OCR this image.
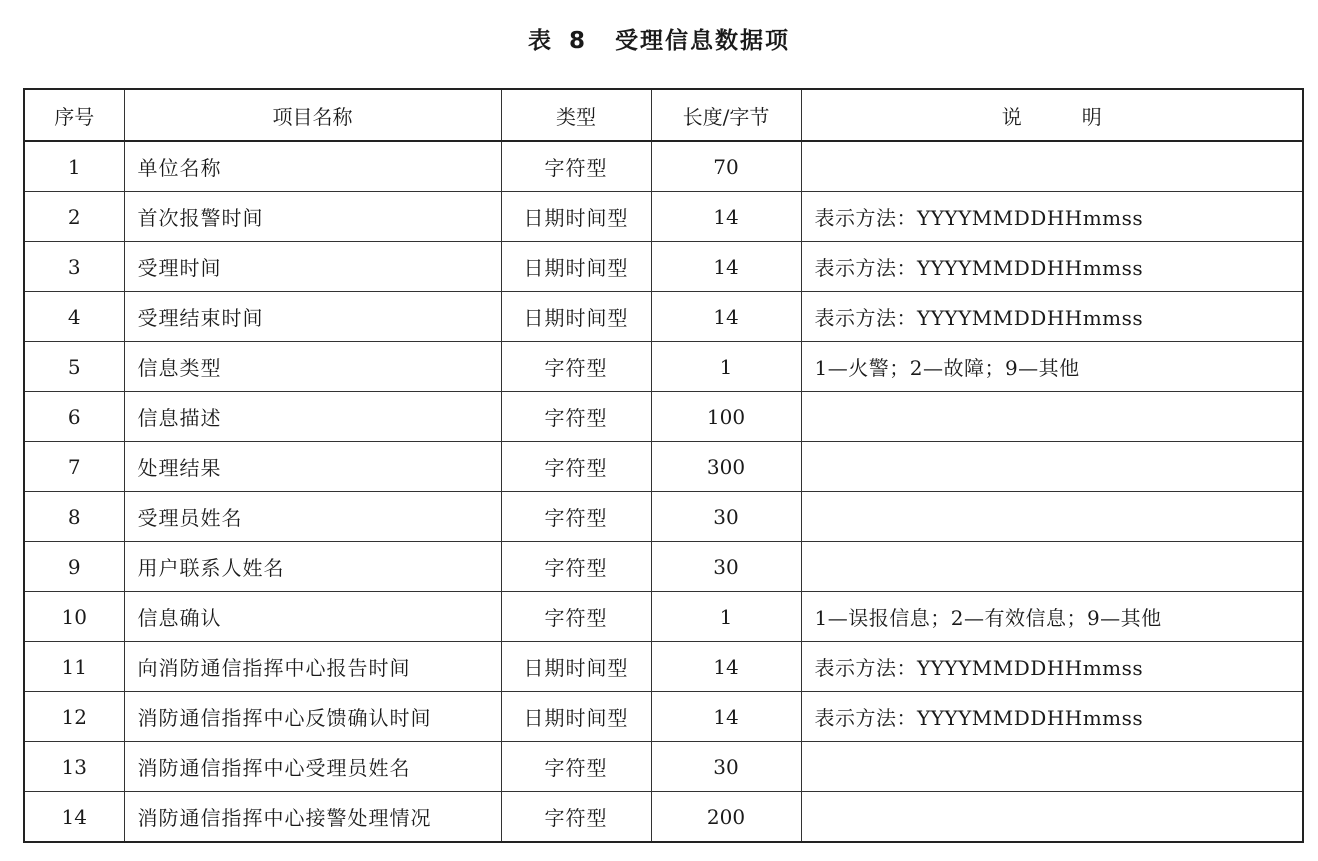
表 8 受理信息数据项
序号	项目名称	类型	长度/字节	说明
1	单位名称	字符型	70	
2	首次报警时间	日期时间型	14	表示方法：YYYYMMDDHHmmss
3	受理时间	日期时间型	14	表示方法：YYYYMMDDHHmmss
4	受理结束时间	日期时间型	14	表示方法：YYYYMMDDHHmmss
5	信息类型	字符型	1	1—火警；2—故障；9—其他
6	信息描述	字符型	100	
7	处理结果	字符型	300	
8	受理员姓名	字符型	30	
9	用户联系人姓名	字符型	30	
10	信息确认	字符型	1	1—误报信息；2—有效信息；9—其他
11	向消防通信指挥中心报告时间	日期时间型	14	表示方法：YYYYMMDDHHmmss
12	消防通信指挥中心反馈确认时间	日期时间型	14	表示方法：YYYYMMDDHHmmss
13	消防通信指挥中心受理员姓名	字符型	30	
14	消防通信指挥中心接警处理情况	字符型	200	
